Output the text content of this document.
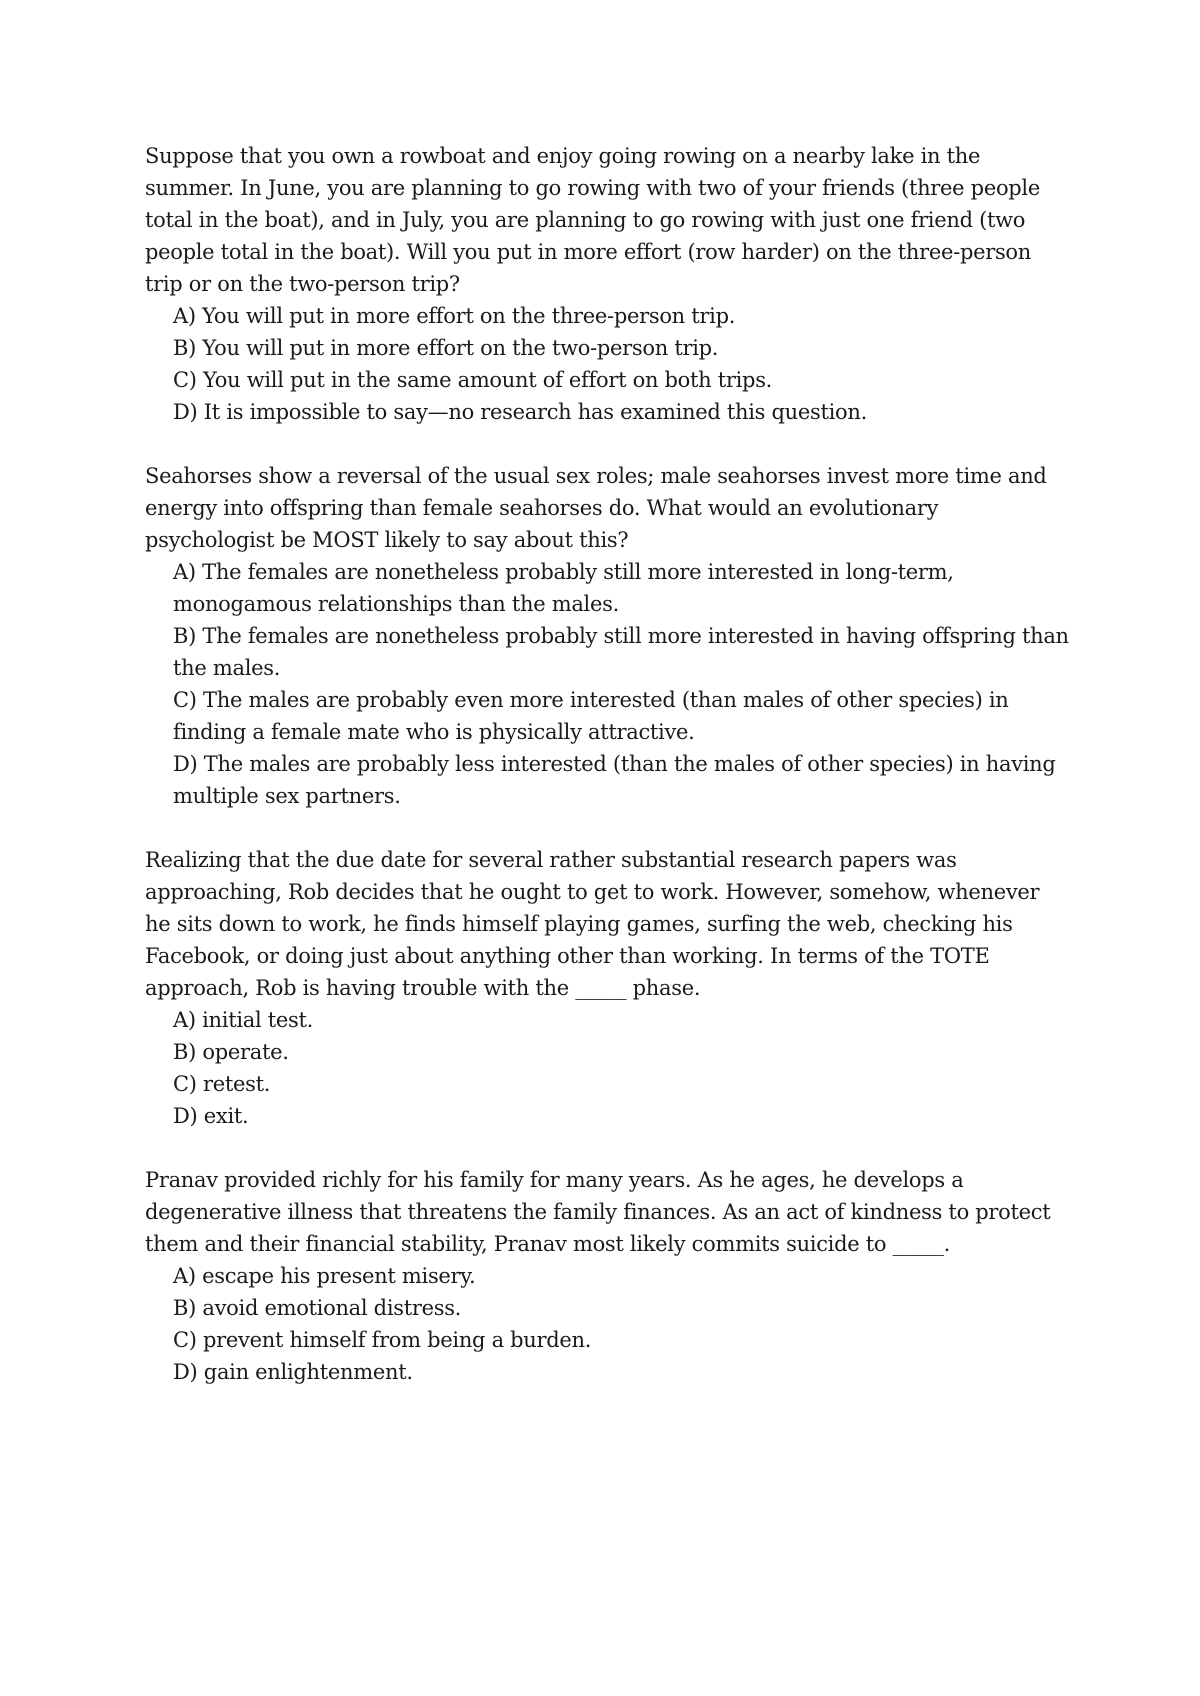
Suppose that you own a rowboat and enjoy going rowing on a nearby lake in the summer. In June, you are planning to go rowing with two of your friends (three people total in the boat), and in July, you are planning to go rowing with just one friend (two people total in the boat). Will you put in more effort (row harder) on the three-person trip or on the two-person trip?

A) You will put in more effort on the three-person trip.
B) You will put in more effort on the two-person trip.
C) You will put in the same amount of effort on both trips.
D) It is impossible to say—no research has examined this question.

Seahorses show a reversal of the usual sex roles; male seahorses invest more time and energy into offspring than female seahorses do. What would an evolutionary psychologist be MOST likely to say about this?

A) The females are nonetheless probably still more interested in long-term, monogamous relationships than the males.
B) The females are nonetheless probably still more interested in having offspring than the males.
C) The males are probably even more interested (than males of other species) in finding a female mate who is physically attractive.
D) The males are probably less interested (than the males of other species) in having multiple sex partners.

Realizing that the due date for several rather substantial research papers was approaching, Rob decides that he ought to get to work. However, somehow, whenever he sits down to work, he finds himself playing games, surfing the web, checking his Facebook, or doing just about anything other than working. In terms of the TOTE approach, Rob is having trouble with the _____ phase.

A) initial test.
B) operate.
C) retest.
D) exit.

Pranav provided richly for his family for many years. As he ages, he develops a degenerative illness that threatens the family finances. As an act of kindness to protect them and their financial stability, Pranav most likely commits suicide to _____.

A) escape his present misery.
B) avoid emotional distress.
C) prevent himself from being a burden.
D) gain enlightenment.
